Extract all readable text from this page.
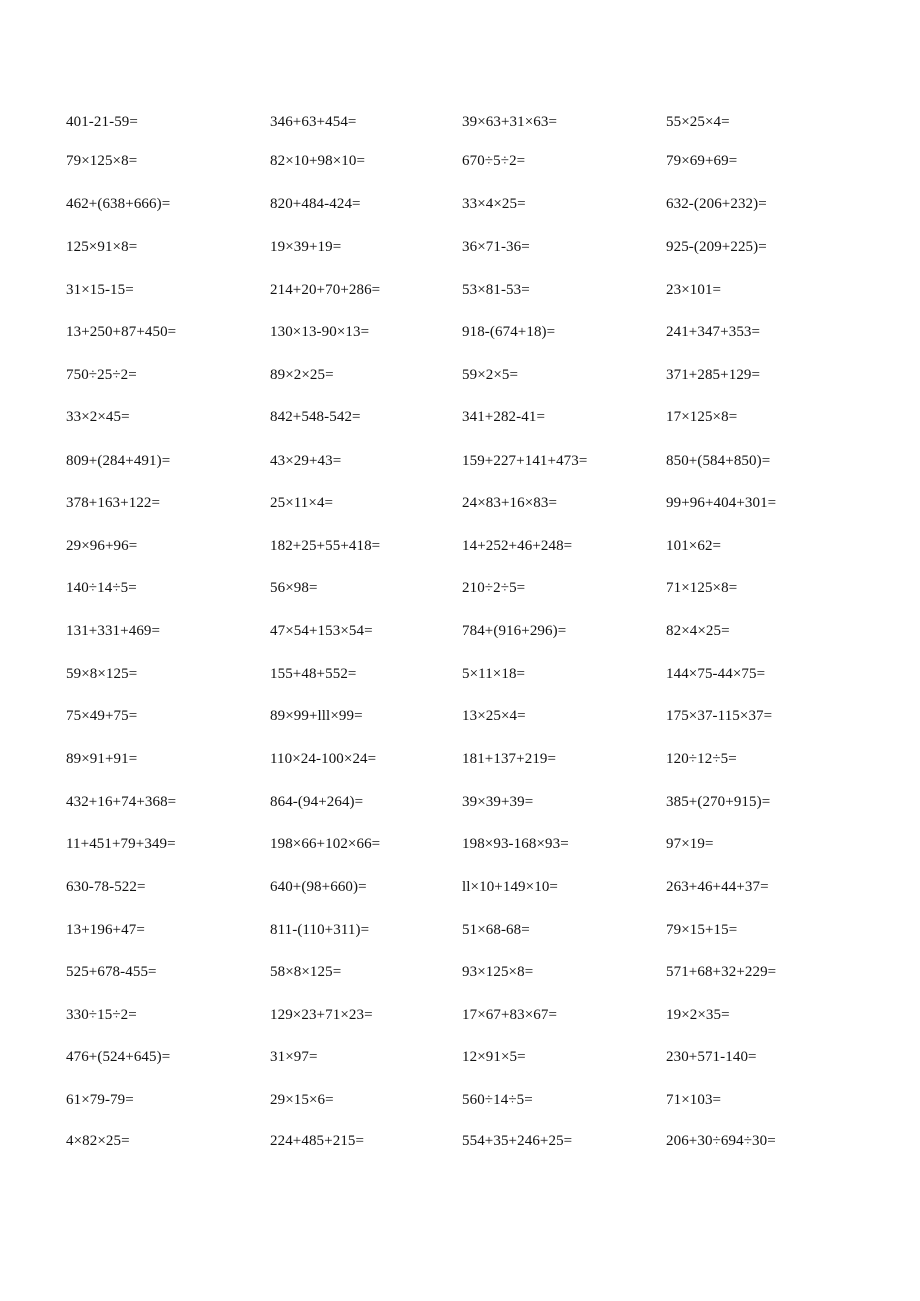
401-21-59=	346+63+454=	39×63+31×63=	55×25×4=
79×125×8=	82×10+98×10=	670÷5÷2=	79×69+69=
462+(638+666)=	820+484-424=	33×4×25=	632-(206+232)=
125×91×8=	19×39+19=	36×71-36=	925-(209+225)=
31×15-15=	214+20+70+286=	53×81-53=	23×101=
13+250+87+450=	130×13-90×13=	918-(674+18)=	241+347+353=
750÷25÷2=	89×2×25=	59×2×5=	371+285+129=
33×2×45=	842+548-542=	341+282-41=	17×125×8=
809+(284+491)=	43×29+43=	159+227+141+473=	850+(584+850)=
378+163+122=	25×11×4=	24×83+16×83=	99+96+404+301=
29×96+96=	182+25+55+418=	14+252+46+248=	101×62=
140÷14÷5=	56×98=	210÷2÷5=	71×125×8=
131+331+469=	47×54+153×54=	784+(916+296)=	82×4×25=
59×8×125=	155+48+552=	5×11×18=	144×75-44×75=
75×49+75=	89×99+lll×99=	13×25×4=	175×37-115×37=
89×91+91=	110×24-100×24=	181+137+219=	120÷12÷5=
432+16+74+368=	864-(94+264)=	39×39+39=	385+(270+915)=
11+451+79+349=	198×66+102×66=	198×93-168×93=	97×19=
630-78-522=	640+(98+660)=	ll×10+149×10=	263+46+44+37=
13+196+47=	811-(110+311)=	51×68-68=	79×15+15=
525+678-455=	58×8×125=	93×125×8=	571+68+32+229=
330÷15÷2=	129×23+71×23=	17×67+83×67=	19×2×35=
476+(524+645)=	31×97=	12×91×5=	230+571-140=
61×79-79=	29×15×6=	560÷14÷5=	71×103=
4×82×25=	224+485+215=	554+35+246+25=	206+30÷694÷30=
